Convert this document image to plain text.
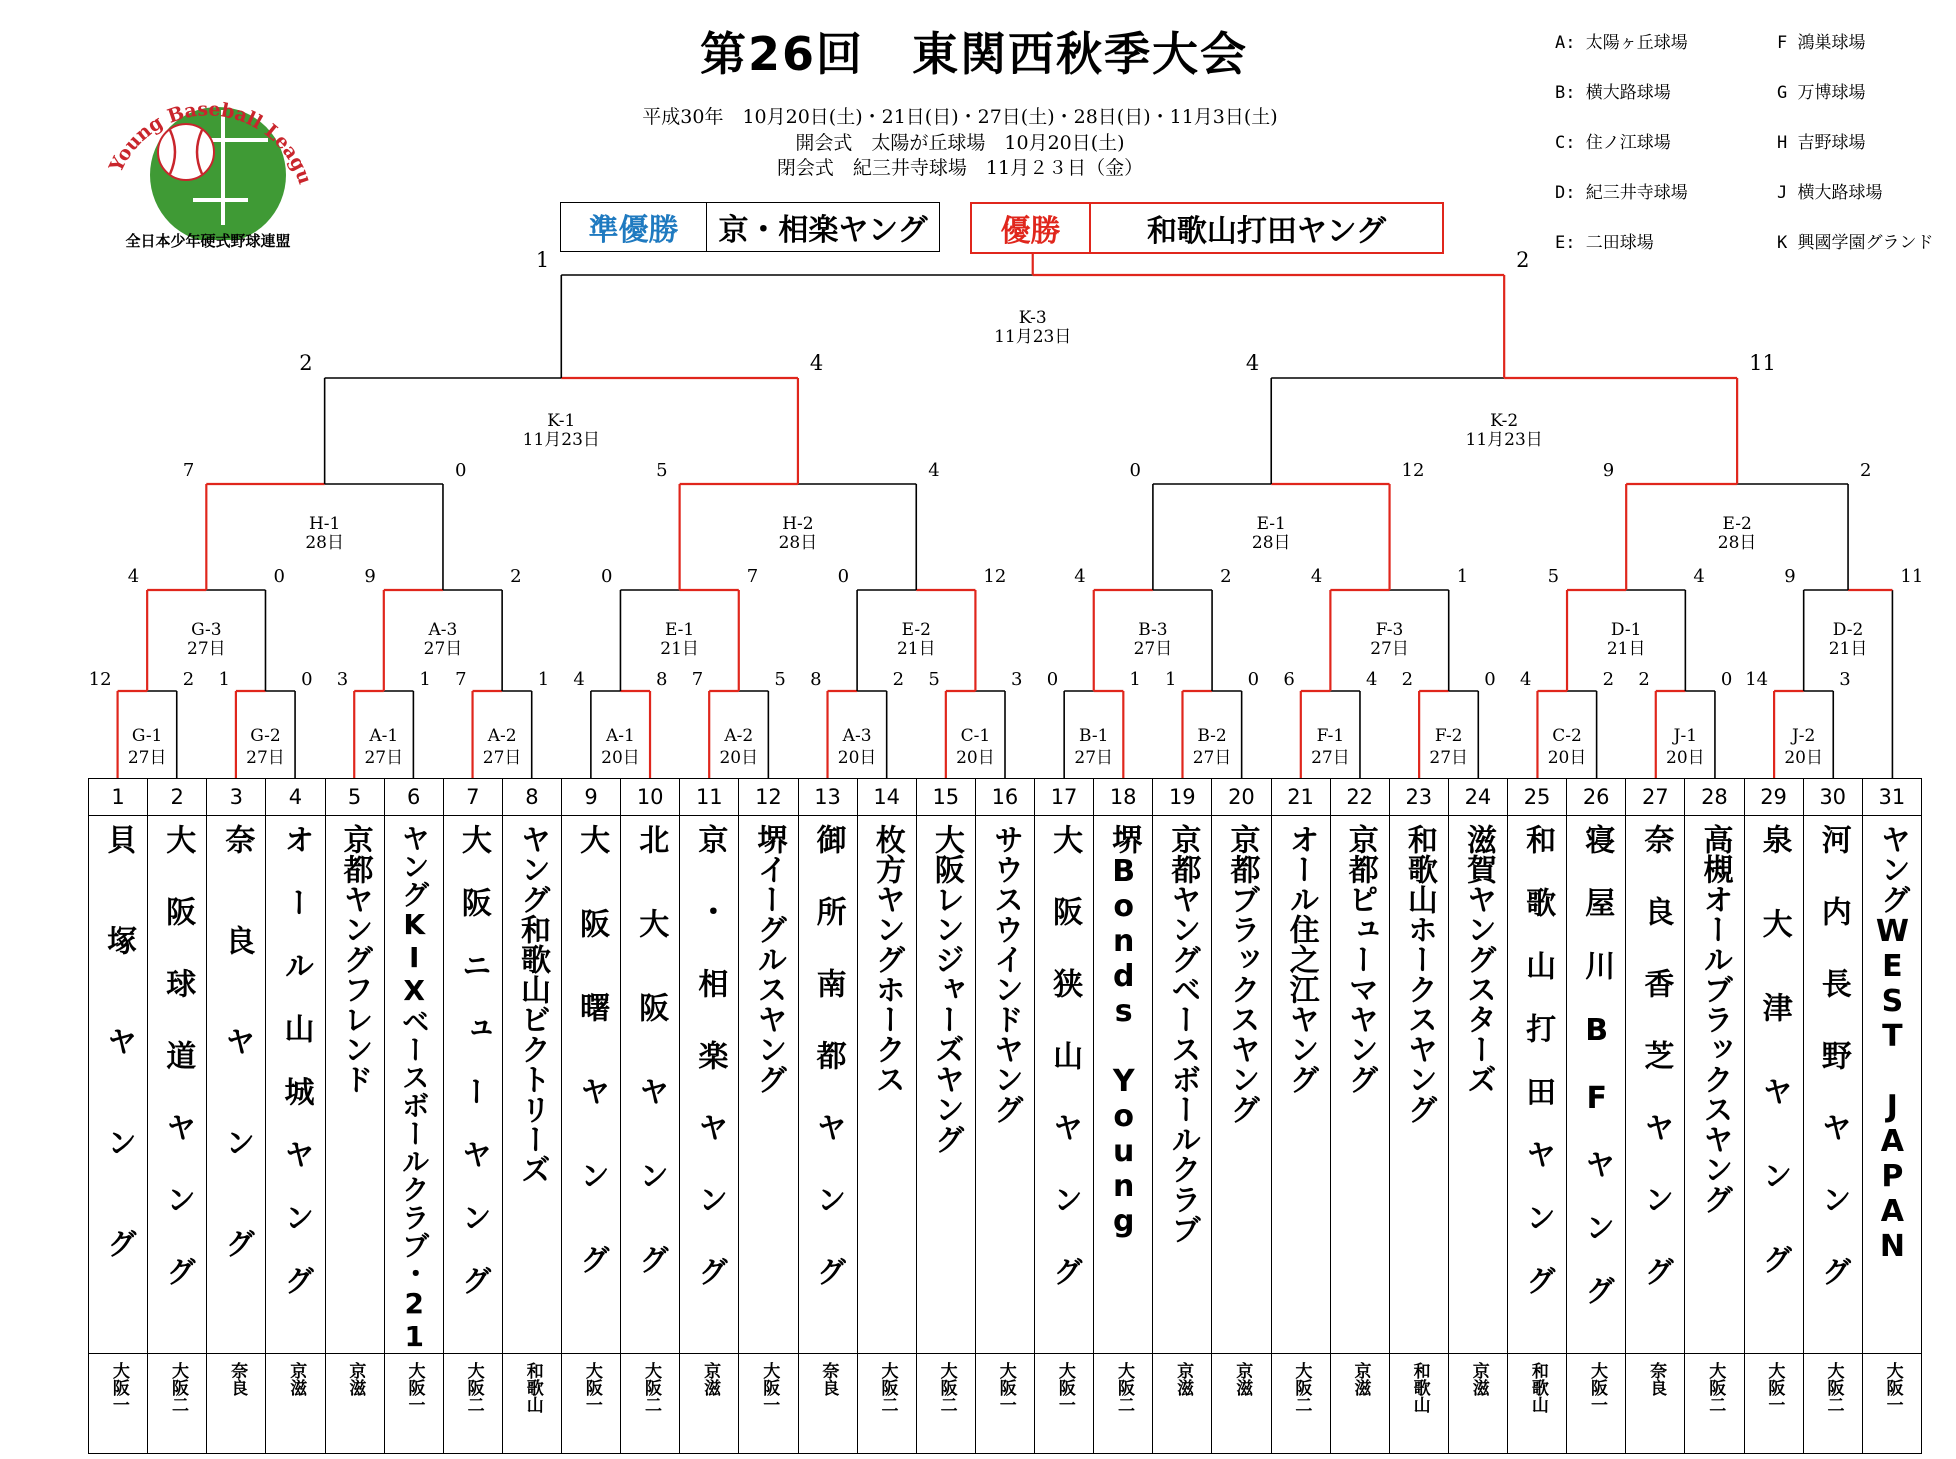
Young Baseball Leagu
全日本少年硬式野球連盟
第26回　東関西秋季大会
平成30年　10月20日(土)・21日(日)・27日(土)・28日(日)・11月3日(土)
開会式　太陽が丘球場　10月20日(土)
閉会式　紀三井寺球場　11月２３日（金）
A: 太陽ヶ丘球場
B: 横大路球場
C: 住ノ江球場
D: 紀三井寺球場
E: 二田球場
F 鴻巣球場
G 万博球場
H 吉野球場
J 横大路球場
K 興國学園グランド
準優勝	京・相楽ヤング	優勝	和歌山打田ヤング
G-1
27日
12	2
G-2
27日
1	0
A-1
27日
3	1
A-2
27日
7	1
A-1
20日
4	8
A-2
20日
7	5
A-3
20日
8	2
C-1
20日
5	3
B-1
27日
0	1
B-2
27日
1	0
F-1
27日
6	4
F-2
27日
2	0
C-2
20日
4	2
J-1
20日
2	0
J-2
20日
14	3
G-3
27日
4	0
A-3
27日
9	2
E-1
21日
0	7
E-2
21日
0	12
B-3
27日
4	2
F-3
27日
4	1
D-1
21日
5	4
D-2
21日
9	11
H-1
28日
7	0
H-2
28日
5	4
E-1
28日
0	12
E-2
28日
9	2
K-1
11月23日
2	4
K-2
11月23日
4	11
K-3
11月23日
1	2
1	2	3	4	5	6	7	8	9	10	11	12	13	14	15	16	17	18	19	20	21	22	23	24	25	26	27	28	29	30	31

貝塚ヤング	大阪球道ヤング	奈良ヤング	オール山城ヤング	京都ヤングフレンド	ヤングKIXベースボールクラブ・21	大阪ニューヤング	ヤング和歌山ビクトリーズ	大阪曙ヤング	北大阪ヤング	京・相楽ヤング	堺イーグルスヤング	御所南都ヤング	枚方ヤングホークス	大阪レンジャーズヤング	サウスウインドヤング	大阪狭山ヤング	堺Bonds Young	京都ヤングベースボールクラブ	京都ブラックスヤング	オール住之江ヤング	京都ピューマヤング	和歌山ホークスヤング	滋賀ヤングスターズ	和歌山打田ヤング	寝屋川BFヤング	奈良香芝ヤング	高槻オールブラックスヤング	泉大津ヤング	河内長野ヤング	ヤングWEST JAPAN

大阪一	大阪二	奈良	京滋	京滋	大阪一	大阪二	和歌山	大阪一	大阪二	京滋	大阪一	奈良	大阪二	大阪二	大阪一	大阪一	大阪二	京滋	京滋	大阪二	京滋	和歌山	京滋	和歌山	大阪一	奈良	大阪二	大阪一	大阪二	大阪一
